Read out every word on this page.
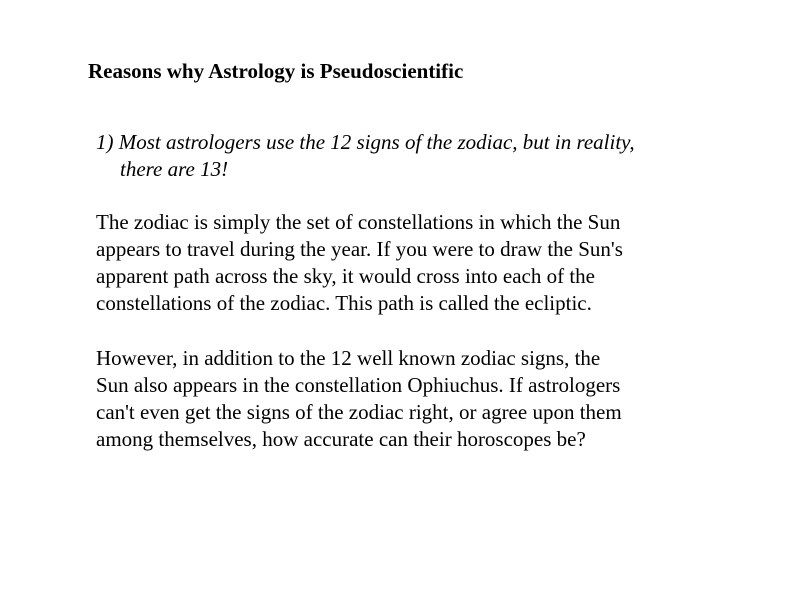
Reasons why Astrology is Pseudoscientific

1) Most astrologers use the 12 signs of the zodiac, but in reality,
there are 13!

The zodiac is simply the set of constellations in which the Sun
appears to travel during the year. If you were to draw the Sun's
apparent path across the sky, it would cross into each of the
constellations of the zodiac. This path is called the ecliptic.

However, in addition to the 12 well known zodiac signs, the
Sun also appears in the constellation Ophiuchus. If astrologers
can't even get the signs of the zodiac right, or agree upon them
among themselves, how accurate can their horoscopes be?
